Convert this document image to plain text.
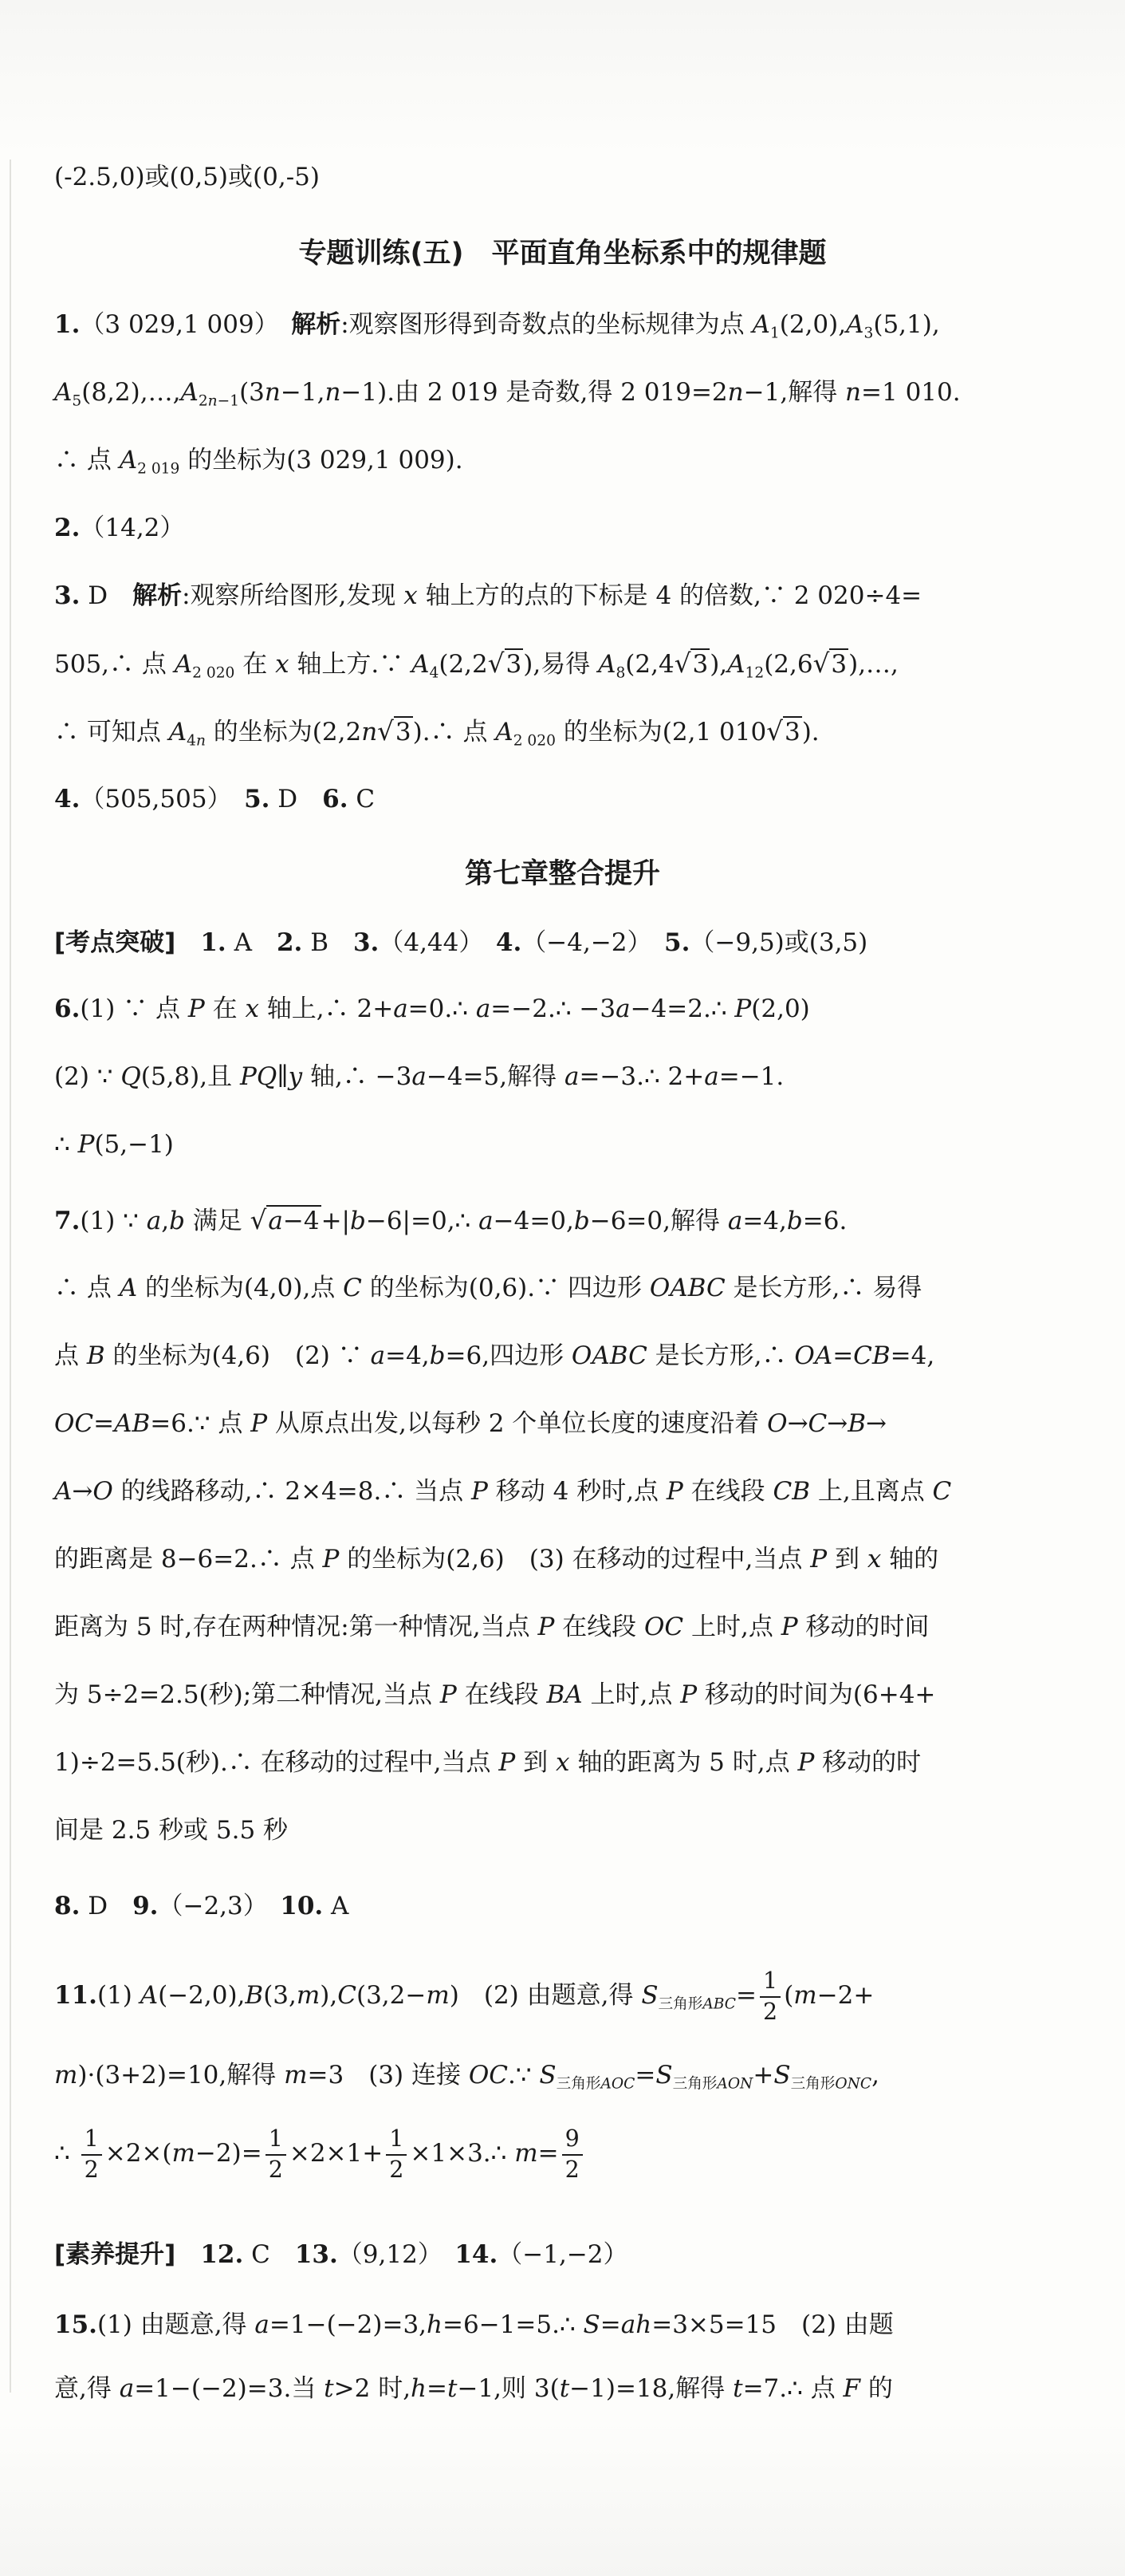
(-2.5,0)或(0,5)或(0,-5)
专题训练(五)　平面直角坐标系中的规律题
1.（3 029,1 009）　解析:观察图形得到奇数点的坐标规律为点 $A_1(2,0),A_3(5,1)$,
$A_5(8,2),\dots,A_{2n-1}(3n-1,n-1)$.由 2 019 是奇数,得 2 019=2n−1,解得 n=1 010.
∴ 点 $A_{2 019}$ 的坐标为(3 029,1 009).
2.（14,2）
3. D　解析:观察所给图形,发现 x 轴上方的点的下标是 4 的倍数,∵ 2 020÷4=
505,∴ 点 $A_{2 020}$ 在 x 轴上方.∵ $A_4(2,2√3)$,易得 $A_8(2,4√3),A_{12}(2,6√3),\dots$,
∴ 可知点 $A_{4n}$ 的坐标为(2,2n√3).∴ 点 $A_{2 020}$ 的坐标为(2,1 010√3).
4.（505,505）　5. D　6. C
第七章整合提升
[考点突破]　 1. A　2. B　3.（4,44）　4.（−4,−2）　5.（−9,5)或(3,5)
6.(1) ∵ 点 P 在 x 轴上,∴ 2+a=0.∴ a=−2.∴ −3a−4=2.∴ P(2,0)
(2) ∵ Q(5,8),且 PQ∥y 轴,∴ −3a−4=5,解得 a=−3.∴ 2+a=−1.
∴ P(5,−1)
7.(1) ∵ a,b 满足 √a−4+|b−6|=0,∴ a−4=0,b−6=0,解得 a=4,b=6.
∴ 点 A 的坐标为(4,0),点 C 的坐标为(0,6).∵ 四边形 OABC 是长方形,∴ 易得
点 B 的坐标为(4,6)　(2) ∵ a=4,b=6,四边形 OABC 是长方形,∴ OA=CB=4,
OC=AB=6.∵ 点 P 从原点出发,以每秒 2 个单位长度的速度沿着 O→C→B→
A→O 的线路移动,∴ 2×4=8.∴ 当点 P 移动 4 秒时,点 P 在线段 CB 上,且离点 C
的距离是 8−6=2.∴ 点 P 的坐标为(2,6)　(3) 在移动的过程中,当点 P 到 x 轴的
距离为 5 时,存在两种情况:第一种情况,当点 P 在线段 OC 上时,点 P 移动的时间
为 5÷2=2.5(秒);第二种情况,当点 P 在线段 BA 上时,点 P 移动的时间为(6+4+
1)÷2=5.5(秒).∴ 在移动的过程中,当点 P 到 x 轴的距离为 5 时,点 P 移动的时
间是 2.5 秒或 5.5 秒
8. D　9.（−2,3）　10. A
11.(1) A(−2,0),B(3,m),C(3,2−m)　(2) 由题意,得 $S_{三角形ABC}= \frac{1}{2} (m-2+$
m)·(3+2)=10,解得 m=3　(3) 连接 OC.∵ $S_{三角形AOC}=S_{三角形AON}+S_{三角形ONC}$,
∴ $\frac{1}{2} \times 2\times(m-2)= \frac{1}{2} \times 2\times 1+ \frac{1}{2}$ ×1×3.∴ $m= \frac{9}{2}$
[素养提升]　 12. C　13.（9,12）　14.（−1,−2）
15.(1) 由题意,得 a=1−(−2)=3,h=6−1=5.∴ S=ah=3×5=15　(2) 由题
意,得 a=1−(−2)=3.当 t>2 时,h=t−1,则 3(t−1)=18,解得 t=7.∴ 点 F 的
